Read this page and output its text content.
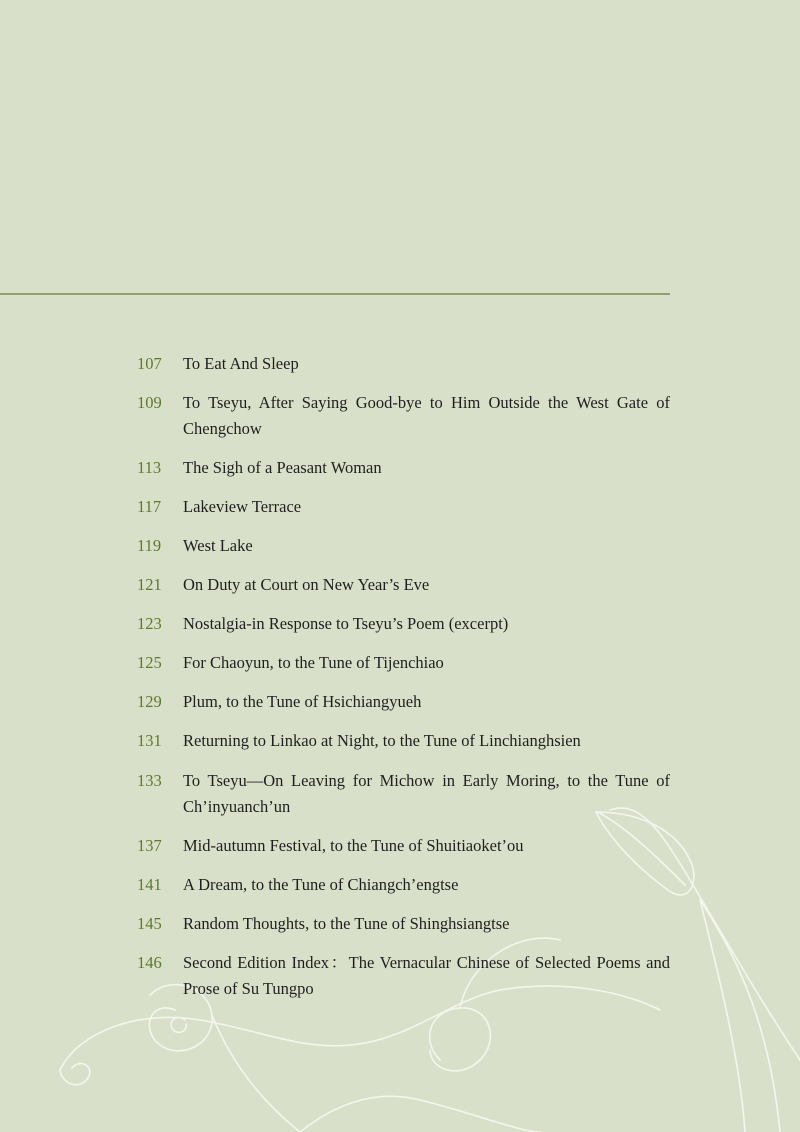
107	To Eat And Sleep
109	To Tseyu, After Saying Good-bye to Him Outside the West Gate of Chengchow
113	The Sigh of a Peasant Woman
117	Lakeview Terrace
119	West Lake
121	On Duty at Court on New Year’s Eve
123	Nostalgia-in Response to Tseyu’s Poem (excerpt)
125	For Chaoyun, to the Tune of Tijenchiao
129	Plum, to the Tune of Hsichiangyueh
131	Returning to Linkao at Night, to the Tune of Linchianghsien
133	To Tseyu—On Leaving for Michow in Early Moring, to the Tune of Ch’inyuanch’un
137	Mid-autumn Festival, to the Tune of Shuitiaoket’ou
141	A Dream, to the Tune of Chiangch’engtse
145	Random Thoughts, to the Tune of Shinghsiangtse
146	Second Edition Index：The Vernacular Chinese of Selected Poems and Prose of Su Tungpo
